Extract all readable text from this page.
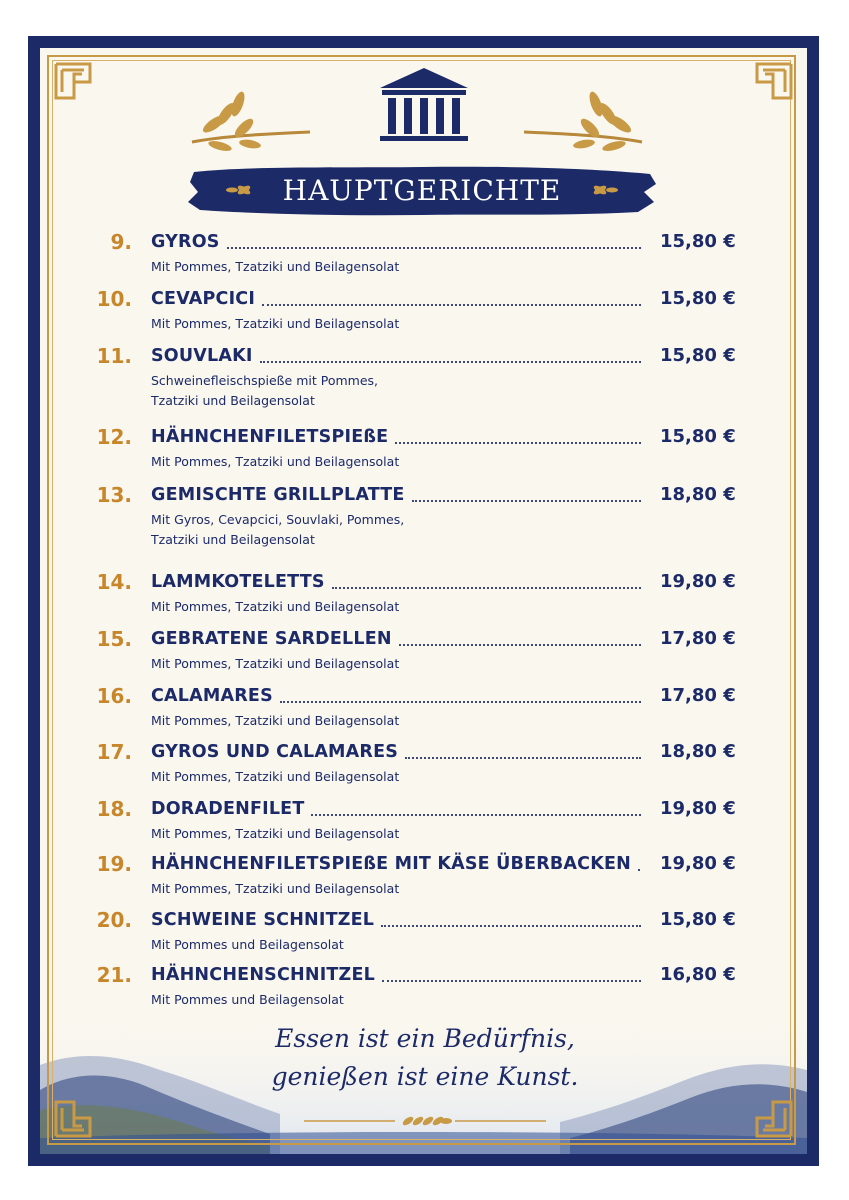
HAUPTGERICHTE
9. GYROS	15,80 €
Mit Pommes, Tzatziki und Beilagensolat
10. CEVAPCICI	15,80 €
Mit Pommes, Tzatziki und Beilagensolat
11. SOUVLAKI	15,80 €
Schweinefleischspieße mit Pommes,
Tzatziki und Beilagensolat
12. HÄHNCHENFILETSPIEßE	15,80 €
Mit Pommes, Tzatziki und Beilagensolat
13. GEMISCHTE GRILLPLATTE	18,80 €
Mit Gyros, Cevapcici, Souvlaki, Pommes,
Tzatziki und Beilagensolat
14. LAMMKOTELETTS	19,80 €
Mit Pommes, Tzatziki und Beilagensolat
15. GEBRATENE SARDELLEN	17,80 €
Mit Pommes, Tzatziki und Beilagensolat
16. CALAMARES	17,80 €
Mit Pommes, Tzatziki und Beilagensolat
17. GYROS UND CALAMARES	18,80 €
Mit Pommes, Tzatziki und Beilagensolat
18. DORADENFILET	19,80 €
Mit Pommes, Tzatziki und Beilagensolat
19. HÄHNCHENFILETSPIEßE MIT KÄSE ÜBERBACKEN 19,80 €
Mit Pommes, Tzatziki und Beilagensolat
20. SCHWEINE SCHNITZEL	15,80 €
Mit Pommes und Beilagensolat
21. HÄHNCHENSCHNITZEL	16,80 €
Mit Pommes und Beilagensolat
Essen ist ein Bedürfnis,
genießen ist eine Kunst.
